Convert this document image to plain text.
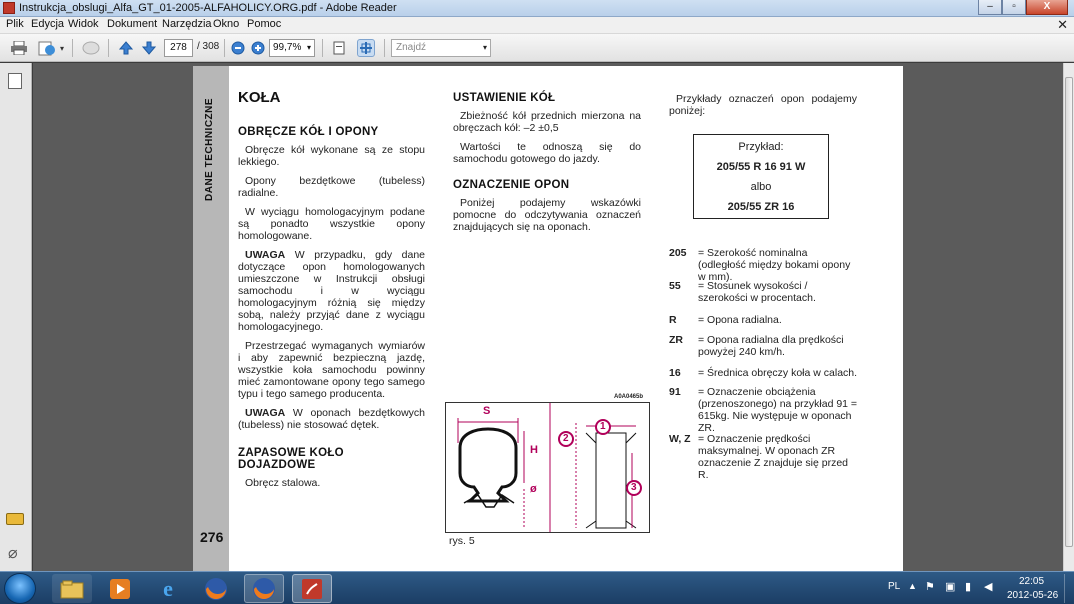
Instrukcja_obslugi_Alfa_GT_01-2005-ALFAHOLICY.ORG.pdf - Adobe Reader	–	▫	X
Plik Edycja Widok Dokument Narzędzia Okno Pomoc	✕
▾	278	/ 308	99,7% ▾	Znajdź	▾
⌀
DANE TECHNICZNE
276
KOŁA
OBRĘCZE KÓŁ I OPONY

Obręcze kół wykonane są ze stopu lekkiego.

Opony bezdętkowe (tubeless) radialne.

W wyciągu homologacyjnym podane są ponadto wszystkie opony homologowane.

UWAGA W przypadku, gdy dane dotyczące opon homologowanych umieszczone w Instrukcji obsługi samochodu i w wyciągu homologacyjnym różnią się między sobą, należy przyjąć dane z wyciągu homologacyjnego.

Przestrzegać wymaganych wymiarów i aby zapewnić bezpieczną jazdę, wszystkie koła samochodu powinny mieć zamontowane opony tego samego typu i tego samego producenta.

UWAGA W oponach bezdętkowych (tubeless) nie stosować dętek.

ZAPASOWE KOŁO DOJAZDOWE

Obręcz stalowa.

USTAWIENIE KÓŁ

Zbieżność kół przednich mierzona na obręczach kół: –2 ±0,5

Wartości te odnoszą się do samochodu gotowego do jazdy.

OZNACZENIE OPON

Poniżej podajemy wskazówki pomocne do odczytywania oznaczeń znajdujących się na oponach.

Przykłady oznaczeń opon podajemy poniżej:

Przykład:
205/55 R 16 91 W
albo
205/55 ZR 16
205	= Szerokość nominalna (odległość między bokami opony w mm).
55	= Stosunek wysokości / szerokości w procentach.
R	= Opona radialna.
ZR	= Opona radialna dla prędkości powyżej 240 km/h.
16	= Średnica obręczy koła w calach.
91	= Oznaczenie obciążenia (przenoszonego) na przykład 91 = 615kg. Nie występuje w oponach ZR.
W, Z = Oznaczenie prędkości maksymalnej. W oponach ZR oznaczenie Z znajduje się przed R.
A0A0465b
S
H
ø
1
2
3
rys. 5
e	PL ▲ ⚑ ▣ ▮ ◀	22:05
2012-05-26
